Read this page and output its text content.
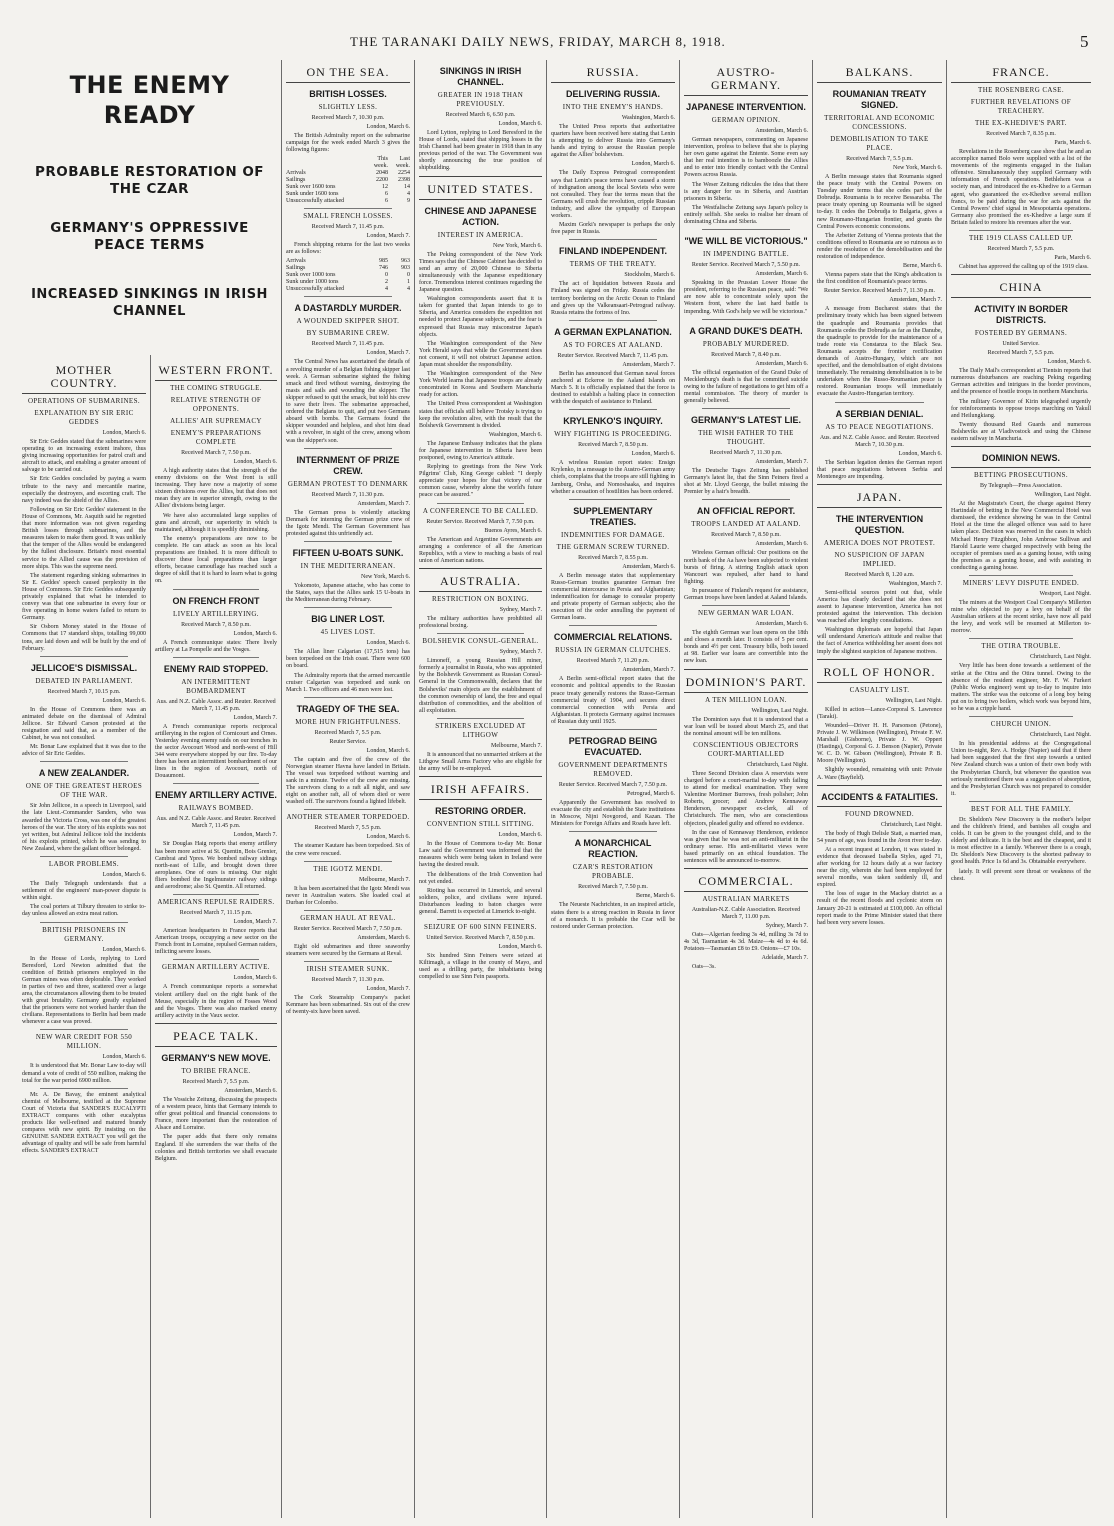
THE TARANAKI DAILY NEWS, FRIDAY, MARCH 8, 1918.	5
THE ENEMY READY
PROBABLE RESTORATION OF THE CZAR
GERMANY'S OPPRESSIVE PEACE TERMS
INCREASED SINKINGS IN IRISH CHANNEL
MOTHER COUNTRY.
OPERATIONS OF SUBMARINES.
EXPLANATION BY SIR ERIC GEDDES
London, March 6.

Sir Eric Geddes stated that the submarines were operating to an increasing extent inshore, thus giving increasing opportunities for patrol craft and aircraft to attack, and enabling a greater amount of salvage to be carried out.

Sir Eric Geddes concluded by paying a warm tribute to the navy and mercantile marine, especially the destroyers, and escorting craft. The navy indeed was the shield of the Allies.

Following on Sir Eric Geddes' statement in the House of Commons, Mr. Asquith said he regretted that more information was not given regarding British losses through submarines, and the measures taken to make them good. It was unlikely that the temper of the Allies would be endangered by the fullest disclosure. Britain's most essential service to the Allied cause was the provision of more ships. This was the supreme need.

The statement regarding sinking submarines in Sir E. Geddes' speech caused perplexity in the House of Commons. Sir Eric Geddes subsequently privately explained that what he intended to convey was that one submarine in every four or five operating in home waters failed to return to Germany.

Sir Osborn Money stated in the House of Commons that 17 standard ships, totalling 99,000 tons, are laid down and will be built by the end of February.

JELLICOE'S DISMISSAL.
DEBATED IN PARLIAMENT.
Received March 7, 10.15 p.m.
London, March 6.

In the House of Commons there was an animated debate on the dismissal of Admiral Jellicoe. Sir Edward Carson protested at the resignation and said that, as a member of the Cabinet, he was not consulted.

Mr. Bonar Law explained that it was due to the advice of Sir Eric Geddes.

A NEW ZEALANDER.
ONE OF THE GREATEST HEROES OF THE WAR.

Sir John Jellicoe, in a speech in Liverpool, said the late Lieut.-Commander Sanders, who was awarded the Victoria Cross, was one of the greatest heroes of the war. The story of his exploits was not yet written, but Admiral Jellicoe told the incidents of his exploits printed, which he was sending to New Zealand, where the gallant officer belonged.

LABOR PROBLEMS.
London, March 6.

The Daily Telegraph understands that a settlement of the engineers' man-power dispute is within sight.

The coal porters at Tilbury threaten to strike to-day unless allowed an extra meat ration.

BRITISH PRISONERS IN GERMANY.
London, March 6.

In the House of Lords, replying to Lord Beresford, Lord Newton admitted that the condition of British prisoners employed in the German mines was often deplorable. They worked in parties of two and three, scattered over a large area, the circumstances allowing them to be treated with great brutality. Germany greatly explained that the prisoners were not worked harder than the civilians. Representations to Berlin had been made whenever a case was proved.

NEW WAR CREDIT FOR 550 MILLION.
London, March 6.

It is understood that Mr. Bonar Law to-day will demand a vote of credit of 550 million, making the total for the war period 6900 million.

Mr. A. De Bavay, the eminent analytical chemist of Melbourne, testified at the Supreme Court of Victoria that SANDER'S EUCALYPTI EXTRACT compares with other eucalyptus products like well-refined and matured brandy compares with new spirit. By insisting on the GENUINE SANDER EXTRACT you will get the advantage of quality and will be safe from harmful effects. SANDER'S EXTRACT

WESTERN FRONT.
THE COMING STRUGGLE.
RELATIVE STRENGTH OF OPPONENTS.
ALLIES' AIR SUPREMACY
ENEMY'S PREPARATIONS COMPLETE
Received March 7, 7.50 p.m.
London, March 6.

A high authority states that the strength of the enemy divisions on the West front is still increasing. They have now a majority of some sixteen divisions over the Allies, but that does not mean they are in superior strength, owing to the Allies' divisions being larger.

We have also accumulated large supplies of guns and aircraft, our superiority in which is maintained, although it is speedily diminishing.

The enemy's preparations are now to be complete. He can attack as soon as his local preparations are finished. It is more difficult to discover these local preparations than larger efforts, because camouflage has reached such a degree of skill that it is hard to learn what is going on.

ON FRENCH FRONT
LIVELY ARTILLERYING.
Received March 7, 8.50 p.m.
London, March 6.

A French communique states: There lively artillery at La Pompelle and the Vosges.

ENEMY RAID STOPPED.
AN INTERMITTENT BOMBARDMENT
Aus. and N.Z. Cable Assoc. and Reuter. Received March 7, 11.45 p.m.
London, March 7.

A French communique reports reciprocal artillerying in the region of Cornicourt and Ornes. Yesterday evening enemy raids on our trenches in the sector Avocourt Wood and north-west of Hill 344 were everywhere stopped by our fire. To-day there has been an intermittent bombardment of our lines in the region of Avocourt, north of Douaumont.

ENEMY ARTILLERY ACTIVE.
RAILWAYS BOMBED.
Aus. and N.Z. Cable Assoc. and Reuter. Received March 7, 11.45 p.m.
London, March 7.

Sir Douglas Haig reports that enemy artillery has been more active at St. Quentin, Bois Grenier, Cambrai and Ypres. We bombed railway sidings north-east of Lille, and brought down three aeroplanes. One of ours is missing. Our night fliers bombed the Ingelmunster railway sidings and aerodrome; also St. Quentin. All returned.

AMERICANS REPULSE RAIDERS.
Received March 7, 11.15 p.m.
London, March 7.

American headquarters in France reports that American troops, occupying a new sector on the French front in Lorraine, repulsed German raiders, inflicting severe losses.

GERMAN ARTILLERY ACTIVE.
London, March 6.

A French communique reports a somewhat violent artillery duel on the right bank of the Meuse, especially in the region of Fosses Wood and the Vosges. There was also marked enemy artillery activity in the Vaux sector.

PEACE TALK.
GERMANY'S NEW MOVE.
TO BRIBE FRANCE.
Received March 7, 5.5 p.m.
Amsterdam, March 6.

The Vossiche Zeitung, discussing the prospects of a western peace, hints that Germany intends to offer great political and financial concessions to France, more important than the restoration of Alsace and Lorraine.

The paper adds that there only remains England. If she surrenders the war thefts of the colonies and British territories we shall evacuate Belgium.

ON THE SEA.
BRITISH LOSSES.
SLIGHTLY LESS.
Received March 7, 10.30 p.m.
London, March 6.

The British Admiralty report on the submarine campaign for the week ended March 3 gives the following figures:

	This	Last
	week.	week.
Arrivals	2048	2254
Sailings	2200	2398
Sunk over 1600 tons	12	14
Sunk under 1600 tons	6	4
Unsuccessfully attacked	6	9
SMALL FRENCH LOSSES.
Received March 7, 11.45 p.m.
London, March 7.

French shipping returns for the last two weeks are as follows:

Arrivals	985	963
Sailings	746	903
Sunk over 1000 tons	0	0
Sunk under 1000 tons	2	1
Unsuccessfully attacked	4	4
A DASTARDLY MURDER.
A WOUNDED SKIPPER SHOT.
BY SUBMARINE CREW.
Received March 7, 11.45 p.m.
London, March 7.

The Central News has ascertained the details of a revolting murder of a Belgian fishing skipper last week. A German submarine sighted the fishing smack and fired without warning, destroying the masts and sails and wounding the skipper. The skipper refused to quit the smack, but told his crew to save their lives. The submarine approached, ordered the Belgians to quit, and put two Germans aboard with bombs. The Germans found the skipper wounded and helpless, and shot him dead with a revolver, in sight of the crew, among whom was the skipper's son.

INTERNMENT OF PRIZE CREW.
GERMAN PROTEST TO DENMARK
Received March 7, 11.30 p.m.
Amsterdam, March 7.

The German press is violently attacking Denmark for interning the German prize crew of the Igotz Mendi. The German Government has protested against this unfriendly act.

FIFTEEN U-BOATS SUNK.
IN THE MEDITERRANEAN.
New York, March 6.

Yokomoto, Japanese attache, who has come to the States, says that the Allies sank 15 U-boats in the Mediterranean during February.

BIG LINER LOST.
45 LIVES LOST.
London, March 6.

The Allan liner Calgarian (17,515 tons) has been torpedoed on the Irish coast. There were 600 on board.

The Admiralty reports that the armed mercantile cruiser Calgarian was torpedoed and sunk on March 1. Two officers and 46 men were lost.

TRAGEDY OF THE SEA.
MORE HUN FRIGHTFULNESS.
Received March 7, 5.5 p.m.
Reuter Service.
London, March 6.

The captain and five of the crew of the Norwegian steamer Havna have landed in Britain. The vessel was torpedoed without warning and sank in a minute. Twelve of the crew are missing. The survivors clung to a raft all night, and saw eight on another raft, all of whom died or were washed off. The survivors found a lighted lifebelt.

ANOTHER STEAMER TORPEDOED.
Received March 7, 5.5 p.m.
London, March 6.

The steamer Kautare has been torpedoed. Six of the crew were rescued.

THE IGOTZ MENDI.
Melbourne, March 7.

It has been ascertained that the Igotz Mendi was never in Australian waters. She loaded coal at Durban for Colombo.

GERMAN HAUL AT REVAL.
Reuter Service. Received March 7, 7.50 p.m.
Amsterdam, March 6.

Eight old submarines and three seaworthy steamers were secured by the Germans at Reval.

IRISH STEAMER SUNK.
Received March 7, 11.30 p.m.
London, March 7.

The Cork Steamship Company's packet Kenmare has been submarined. Six out of the crew of twenty-six have been saved.

SINKINGS IN IRISH CHANNEL.
GREATER IN 1918 THAN PREVIOUSLY.
Received March 6, 6.50 p.m.
London, March 6.

Lord Lytton, replying to Lord Beresford in the House of Lords, stated that shipping losses in the Irish Channel had been greater in 1918 than in any previous period of the war. The Government was shortly announcing the true position of shipbuilding.

UNITED STATES.
CHINESE AND JAPANESE ACTION.
INTEREST IN AMERICA.
New York, March 6.

The Peking correspondent of the New York Times says that the Chinese Cabinet has decided to send an army of 20,000 Chinese to Siberia simultaneously with the Japanese expeditionary force. Tremendous interest continues regarding the Japanese question.

Washington correspondents assert that it is taken for granted that Japan intends to go to Siberia, and America considers the expedition not needed to protect Japanese subjects, and the fear is expressed that Russia may misconstrue Japan's objects.

The Washington correspondent of the New York Herald says that while the Government does not consent, it will not obstruct Japanese action. Japan must shoulder the responsibility.

The Washington correspondent of the New York World learns that Japanese troops are already concentrated in Korea and Southern Manchuria ready for action.

The United Press correspondent at Washington states that officials still believe Trotsky is trying to keep the revolution alive, with the result that the Bolshevik Government is divided.

Washington, March 6.

The Japanese Embassy indicates that the plans for Japanese intervention in Siberia have been postponed, owing to America's attitude.

Replying to greetings from the New York Pilgrims' Club, King George cabled: "I deeply appreciate your hopes for that victory of our common cause, whereby alone the world's future peace can be assured."

A CONFERENCE TO BE CALLED.
Reuter Service. Received March 7, 7.50 p.m.
Buenos Ayres, March 6.

The American and Argentine Governments are arranging a conference of all the American Republics, with a view to reaching a basis of real union of American nations.

AUSTRALIA.
RESTRICTION ON BOXING.
Sydney, March 7.

The military authorities have prohibited all professional boxing.

BOLSHEVIK CONSUL-GENERAL.
Sydney, March 7.

Limoneff, a young Russian Hill miner, formerly a journalist in Russia, who was appointed by the Bolshevik Government as Russian Consul-General in the Commonwealth, declares that the Bolsheviks' main objects are the establishment of the common ownership of land, the free and equal distribution of commodities, and the abolition of all exploitation.

STRIKERS EXCLUDED AT LITHGOW
Melbourne, March 7.

It is announced that no unmarried strikers at the Lithgow Small Arms Factory who are eligible for the army will be re-employed.

IRISH AFFAIRS.
RESTORING ORDER.
CONVENTION STILL SITTING.
London, March 6.

In the House of Commons to-day Mr. Bonar Law said the Government was informed that the measures which were being taken in Ireland were having the desired result.

The deliberations of the Irish Convention had not yet ended.

Rioting has occurred in Limerick, and several soldiers, police, and civilians were injured. Disturbances leading to baton charges were general. Barrett is expected at Limerick to-night.

SEIZURE OF 600 SINN FEINERS.
United Service. Received March 7, 8.50 p.m.
London, March 6.

Six hundred Sinn Feiners were seized at Kiltimagh, a village in the county of Mayo, and used as a drilling party, the inhabitants being compelled to use Sinn Fein passports.

RUSSIA.
DELIVERING RUSSIA.
INTO THE ENEMY'S HANDS.
Washington, March 6.

The United Press reports that authoritative quarters have been received here stating that Lenin is attempting to deliver Russia into Germany's hands and trying to arouse the Russian people against the Allies' bolshevism.

London, March 6.

The Daily Express Petrograd correspondent says that Lenin's peace terms have caused a storm of indignation among the local Soviets who were not consulted. They fear the terms mean that the Germans will crush the revolution, cripple Russian industry, and allow the sympathy of European workers.

Maxim Gorki's newspaper is perhaps the only free paper in Russia.

FINLAND INDEPENDENT.
TERMS OF THE TREATY.
Stockholm, March 6.

The act of liquidation between Russia and Finland was signed on Friday. Russia cedes the territory bordering on the Arctic Ocean to Finland and gives up the Valkeansaari-Petrograd railway. Russia retains the fortress of Ino.

A GERMAN EXPLANATION.
AS TO FORCES AT AALAND.
Reuter Service. Received March 7, 11.45 p.m.
Amsterdam, March 7.

Berlin has announced that German naval forces anchored at Eckeroe in the Aaland Islands on March 5. It is officially explained that the force is destined to establish a halting place in connection with the despatch of assistance to Finland.

KRYLENKO'S INQUIRY.
WHY FIGHTING IS PROCEEDING.
Received March 7, 8.50 p.m.
London, March 6.

A wireless Russian report states: Ensign Krylenko, in a message to the Austro-German army chiefs, complains that the troops are still fighting in Jamburg, Orsha, and Nomoshaaka, and inquires whether a cessation of hostilities has been ordered.

SUPPLEMENTARY TREATIES.
INDEMNITIES FOR DAMAGE.
THE GERMAN SCREW TURNED.
Received March 7, 8.55 p.m.
Amsterdam, March 6.

A Berlin message states that supplementary Russo-German treaties guarantee German free commercial intercourse in Persia and Afghanistan; indemnification for damage to consular property and private property of German subjects; also the execution of the order annulling the payment of German loans.

COMMERCIAL RELATIONS.
RUSSIA IN GERMAN CLUTCHES.
Received March 7, 11.20 p.m.
Amsterdam, March 7.

A Berlin semi-official report states that the economic and political appendix to the Russian peace treaty generally restores the Russo-German commercial treaty of 1904, and secures direct commercial connection with Persia and Afghanistan. It protects Germany against increases of Russian duty until 1925.

PETROGRAD BEING EVACUATED.
GOVERNMENT DEPARTMENTS REMOVED.
Reuter Service. Received March 7, 7.50 p.m.
Petrograd, March 6.

Apparently the Government has resolved to evacuate the city and establish the State institutions in Moscow, Nijni Novgorod, and Kazan. The Ministers for Foreign Affairs and Roads have left.

A MONARCHICAL REACTION.
CZAR'S RESTORATION PROBABLE.
Received March 7, 7.50 p.m.
Berne, March 6.

The Neueste Nachrichten, in an inspired article, states there is a strong reaction in Russia in favor of a monarch. It is probable the Czar will be restored under German protection.

AUSTRO-GERMANY.
JAPANESE INTERVENTION.
GERMAN OPINION.
Amsterdam, March 6.

German newspapers, commenting on Japanese intervention, profess to believe that she is playing her own game against the Entente. Some even say that her real intention is to bamboozle the Allies and to enter into friendly contact with the Central Powers across Russia.

The Weser Zeitung ridicules the idea that there is any danger for us in Siberia, and Austrian prisoners in Siberia.

The Westfalische Zeitung says Japan's policy is entirely selfish. She seeks to realise her dream of dominating China and Siberia.

"WE WILL BE VICTORIOUS."
IN IMPENDING BATTLE.
Reuter Service. Received March 7, 5.50 p.m.
Amsterdam, March 6.

Speaking in the Prussian Lower House the president, referring to the Russian peace, said: "We are now able to concentrate solely upon the Western front, where the last hard battle is impending. With God's help we will be victorious."

A GRAND DUKE'S DEATH.
PROBABLY MURDERED.
Received March 7, 8.40 p.m.
Amsterdam, March 6.

The official organisation of the Grand Duke of Mecklenburg's death is that he committed suicide owing to the failure of negotiations to get him off a mental commission. The theory of murder is generally believed.

GERMANY'S LATEST LIE.
THE WISH FATHER TO THE THOUGHT.
Received March 7, 11.30 p.m.
Amsterdam, March 7.

The Deutsche Tages Zeitung has published Germany's latest lie, that the Sinn Feiners fired a shot at Mr. Lloyd George, the bullet missing the Premier by a hair's breadth.

AN OFFICIAL REPORT.
TROOPS LANDED AT AALAND.
Received March 7, 8.50 p.m.
Amsterdam, March 6.

Wireless German official: Our positions on the north bank of the Aa have been subjected to violent bursts of firing. A stirring English attack upon Wancourt was repulsed, after hand to hand fighting.

In pursuance of Finland's request for assistance, German troops have been landed at Aaland Islands.

NEW GERMAN WAR LOAN.
Amsterdam, March 6.

The eighth German war loan opens on the 18th and closes a month later. It consists of 5 per cent. bonds and 4½ per cent. Treasury bills, both issued at 98. Earlier war loans are convertible into the new loan.

DOMINION'S PART.
A TEN MILLION LOAN.
Wellington, Last Night.

The Dominion says that it is understood that a war loan will be issued about March 25, and that the nominal amount will be ten millions.

CONSCIENTIOUS OBJECTORS COURT-MARTIALLED
Christchurch, Last Night.

Three Second Division class A reservists were charged before a court-martial to-day with failing to attend for medical examination. They were Valentine Mortimer Burrows, fresh polisher; John Roberts, grocer; and Andrew Kennaway Henderson, newspaper ex-clerk, all of Christchurch. The men, who are conscientious objectors, pleaded guilty and offered no evidence.

In the case of Kennaway Henderson, evidence was given that he was not an anti-militarist in the ordinary sense. His anti-militarist views were based primarily on an ethical foundation. The sentences will be announced to-morrow.

COMMERCIAL.
AUSTRALIAN MARKETS
Australian-N.Z. Cable Association. Received March 7, 11.00 p.m.
Sydney, March 7.

Oats—Algerian feeding 3s 4d, milling 3s 7d to 4s 3d, Tasmanian 4s 3d. Maize—4s 4d to 4s 6d. Potatoes—Tasmanian £8 to £9. Onions—£7 10s.

Adelaide, March 7.

Oats—3s.

BALKANS.
ROUMANIAN TREATY SIGNED.
TERRITORIAL AND ECONOMIC CONCESSIONS.
DEMOBILISATION TO TAKE PLACE.
Received March 7, 5.5 p.m.
New York, March 6.

A Berlin message states that Roumania signed the peace treaty with the Central Powers on Tuesday under terms that she cedes part of the Dobrudja. Roumania is to receive Bessarabia. The peace treaty opening up Roumania will be signed to-day. It cedes the Dobrudja to Bulgaria, gives a new Roumano-Hungarian frontier, and grants the Central Powers economic concessions.

The Arbeiter Zeitung of Vienna protests that the conditions offered to Roumania are so ruinous as to render the resolution of the demobilisation and the restoration of independence.

Berne, March 6.

Vienna papers state that the King's abdication is the first condition of Roumania's peace terms.

Reuter Service. Received March 7, 11.30 p.m.
Amsterdam, March 7.

A message from Bucharest states that the preliminary treaty which has been signed between the quadruple and Roumania provides that Roumania cedes the Dobrudja as far as the Danube, the quadruple to provide for the maintenance of a trade route via Constanza to the Black Sea. Roumania accepts the frontier rectification demands of Austro-Hungary, which are not specified, and the demobilisation of eight divisions immediately. The remaining demobilisation is to be undertaken when the Russo-Roumanian peace is restored. Roumanian troops will immediately evacuate the Austro-Hungarian territory.

A SERBIAN DENIAL.
AS TO PEACE NEGOTIATIONS.
Aus. and N.Z. Cable Assoc. and Reuter. Received March 7, 10.30 p.m.
London, March 6.

The Serbian legation denies the German report that peace negotiations between Serbia and Montenegro are impending.

JAPAN.
THE INTERVENTION QUESTION.
AMERICA DOES NOT PROTEST.
NO SUSPICION OF JAPAN IMPLIED.
Received March 8, 1.20 a.m.
Washington, March 7.

Semi-official sources point out that, while America has clearly declared that she does not assent to Japanese intervention, America has not protested against the intervention. This decision was reached after lengthy consultations.

Washington diplomats are hopeful that Japan will understand America's attitude and realise that the fact of America withholding her assent does not imply the slightest suspicion of Japanese motives.

ROLL OF HONOR.
CASUALTY LIST.
Wellington, Last Night.

Killed in action—Lance-Corporal S. Lawrence (Taraki).

Wounded—Driver H. H. Parsonson (Petone), Private J. W. Wilkinson (Wellington), Private F. W. Marshall (Gisborne), Private J. W. Oppert (Hastings), Corporal G. J. Benson (Napier), Private W. C. D. W. Gibson (Wellington), Private P. B. Moore (Wellington).

Slightly wounded, remaining with unit: Private A. Ware (Bayfield).

ACCIDENTS & FATALITIES.
FOUND DROWNED.
Christchurch, Last Night.

The body of Hugh Delisle Statt, a married man, 54 years of age, was found in the Avon river to-day.

At a recent inquest at London, it was stated in evidence that deceased Isabella Styles, aged 71, after working for 12 hours daily at a war factory near the city, wherein she had been employed for several months, was taken suddenly ill, and expired.

The loss of sugar in the Mackay district as a result of the recent floods and cyclonic storm on January 20-21 is estimated at £100,000. An official report made to the Prime Minister stated that there had been very severe losses.

FRANCE.
THE ROSENBERG CASE.
FURTHER REVELATIONS OF TREACHERY.
THE EX-KHEDIVE'S PART.
Received March 7, 8.35 p.m.
Paris, March 6.

Revelations in the Rosenberg case show that he and an accomplice named Bolo were supplied with a list of the movements of the regiments engaged in the Italian offensive. Simultaneously they supplied Germany with information of French operations. Bethlehem was a society man, and introduced the ex-Khedive to a German agent, who guaranteed the ex-Khedive several million francs, to be paid during the war for acts against the Central Powers' chief signal in Mesopotamia operations. Germany also promised the ex-Khedive a large sum if Britain failed to restore his revenues after the war.

THE 1919 CLASS CALLED UP.
Received March 7, 5.5 p.m.
Paris, March 6.

Cabinet has approved the calling up of the 1919 class.

CHINA
ACTIVITY IN BORDER DISTRICTS.
FOSTERED BY GERMANS.
United Service.
Received March 7, 5.5 p.m.
London, March 6.

The Daily Mail's correspondent at Tientsin reports that numerous disturbances are reaching Peking regarding German activities and intrigues in the border provinces, and the presence of hostile troops in northern Manchuria.

The military Governor of Kirin telegraphed urgently for reinforcements to oppose troops marching on Yakull and Heilungkiang.

Twenty thousand Red Guards and numerous Bolsheviks are at Vladivostock and using the Chinese eastern railway in Manchuria.

DOMINION NEWS.
BETTING PROSECUTIONS.
By Telegraph—Press Association.
Wellington, Last Night.

At the Magistrate's Court, the charge against Henry Hartindale of betting in the New Commercial Hotel was dismissed, the evidence showing he was in the Central Hotel at the time the alleged offence was said to have taken place. Decision was reserved in the cases in which Michael Henry Fitzgibbon, John Ambrose Sullivan and Harold Laurie were charged respectively with being the occupier of premises used as a gaming house, with using the premises as a gaming house, and with assisting in conducting a gaming house.

MINERS' LEVY DISPUTE ENDED.
Westport, Last Night.

The miners at the Westport Coal Company's Millerton mine who objected to pay a levy on behalf of the Australian strikers at the recent strike, have now all paid the levy, and work will be resumed at Millerton to-morrow.

THE OTIRA TROUBLE.
Christchurch, Last Night.

Very little has been done towards a settlement of the strike at the Otira and the Otira tunnel. Owing to the absence of the resident engineer, Mr. F. W. Furkert (Public Works engineer) went up to-day to inquire into matters. The strike was the outcome of a long boy being put on to bring two boilers, which work was beyond him, so he was a cripple hand.

CHURCH UNION.
Christchurch, Last Night.

In his presidential address at the Congregational Union to-night, Rev. A. Hodge (Napier) said that if there had been suggested that the first step towards a united New Zealand church was a union of their own body with the Presbyterian Church, but whenever the question was seriously mentioned there was a suggestion of absorption, and the Presbyterian Church was not prepared to consider it.

BEST FOR ALL THE FAMILY.

Dr. Sheldon's New Discovery is the mother's helper and the children's friend, and banishes all coughs and colds. It can be given to the youngest child, and to the elderly and delicate. It is the best and the cheapest, and it is most effective in a family. Wherever there is a cough, Dr. Sheldon's New Discovery is the shortest pathway to good health. Price 1s 6d and 3s. Obtainable everywhere.

lately. It will prevent sore throat or weakness of the chest.
